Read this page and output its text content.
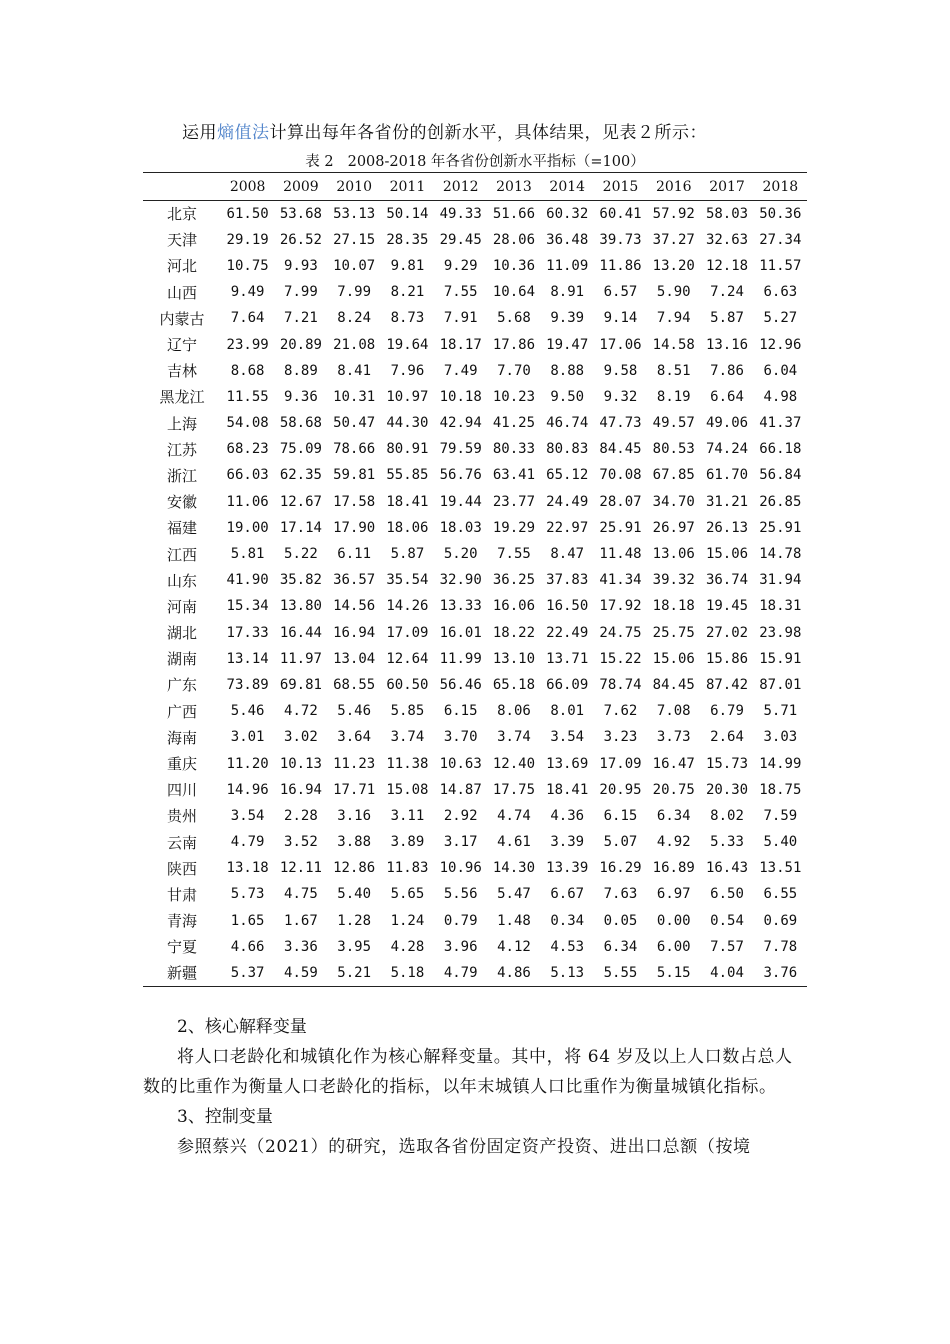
运用熵值法计算出每年各省份的创新水平，具体结果，见表２所示：
表 2 2008-2018 年各省份创新水平指标（=100）
	2008	2009	2010	2011	2012	2013	2014	2015	2016	2017	2018
北京	61.50	53.68	53.13	50.14	49.33	51.66	60.32	60.41	57.92	58.03	50.36
天津	29.19	26.52	27.15	28.35	29.45	28.06	36.48	39.73	37.27	32.63	27.34
河北	10.75	9.93	10.07	9.81	9.29	10.36	11.09	11.86	13.20	12.18	11.57
山西	9.49	7.99	7.99	8.21	7.55	10.64	8.91	6.57	5.90	7.24	6.63
内蒙古	7.64	7.21	8.24	8.73	7.91	5.68	9.39	9.14	7.94	5.87	5.27
辽宁	23.99	20.89	21.08	19.64	18.17	17.86	19.47	17.06	14.58	13.16	12.96
吉林	8.68	8.89	8.41	7.96	7.49	7.70	8.88	9.58	8.51	7.86	6.04
黑龙江	11.55	9.36	10.31	10.97	10.18	10.23	9.50	9.32	8.19	6.64	4.98
上海	54.08	58.68	50.47	44.30	42.94	41.25	46.74	47.73	49.57	49.06	41.37
江苏	68.23	75.09	78.66	80.91	79.59	80.33	80.83	84.45	80.53	74.24	66.18
浙江	66.03	62.35	59.81	55.85	56.76	63.41	65.12	70.08	67.85	61.70	56.84
安徽	11.06	12.67	17.58	18.41	19.44	23.77	24.49	28.07	34.70	31.21	26.85
福建	19.00	17.14	17.90	18.06	18.03	19.29	22.97	25.91	26.97	26.13	25.91
江西	5.81	5.22	6.11	5.87	5.20	7.55	8.47	11.48	13.06	15.06	14.78
山东	41.90	35.82	36.57	35.54	32.90	36.25	37.83	41.34	39.32	36.74	31.94
河南	15.34	13.80	14.56	14.26	13.33	16.06	16.50	17.92	18.18	19.45	18.31
湖北	17.33	16.44	16.94	17.09	16.01	18.22	22.49	24.75	25.75	27.02	23.98
湖南	13.14	11.97	13.04	12.64	11.99	13.10	13.71	15.22	15.06	15.86	15.91
广东	73.89	69.81	68.55	60.50	56.46	65.18	66.09	78.74	84.45	87.42	87.01
广西	5.46	4.72	5.46	5.85	6.15	8.06	8.01	7.62	7.08	6.79	5.71
海南	3.01	3.02	3.64	3.74	3.70	3.74	3.54	3.23	3.73	2.64	3.03
重庆	11.20	10.13	11.23	11.38	10.63	12.40	13.69	17.09	16.47	15.73	14.99
四川	14.96	16.94	17.71	15.08	14.87	17.75	18.41	20.95	20.75	20.30	18.75
贵州	3.54	2.28	3.16	3.11	2.92	4.74	4.36	6.15	6.34	8.02	7.59
云南	4.79	3.52	3.88	3.89	3.17	4.61	3.39	5.07	4.92	5.33	5.40
陕西	13.18	12.11	12.86	11.83	10.96	14.30	13.39	16.29	16.89	16.43	13.51
甘肃	5.73	4.75	5.40	5.65	5.56	5.47	6.67	7.63	6.97	6.50	6.55
青海	1.65	1.67	1.28	1.24	0.79	1.48	0.34	0.05	0.00	0.54	0.69
宁夏	4.66	3.36	3.95	4.28	3.96	4.12	4.53	6.34	6.00	7.57	7.78
新疆	5.37	4.59	5.21	5.18	4.79	4.86	5.13	5.55	5.15	4.04	3.76

2、核心解释变量

将人口老龄化和城镇化作为核心解释变量。其中，将 64 岁及以上人口数占总人数的比重作为衡量人口老龄化的指标，以年末城镇人口比重作为衡量城镇化指标。

3、控制变量

参照蔡兴（2021）的研究，选取各省份固定资产投资、进出口总额（按境
